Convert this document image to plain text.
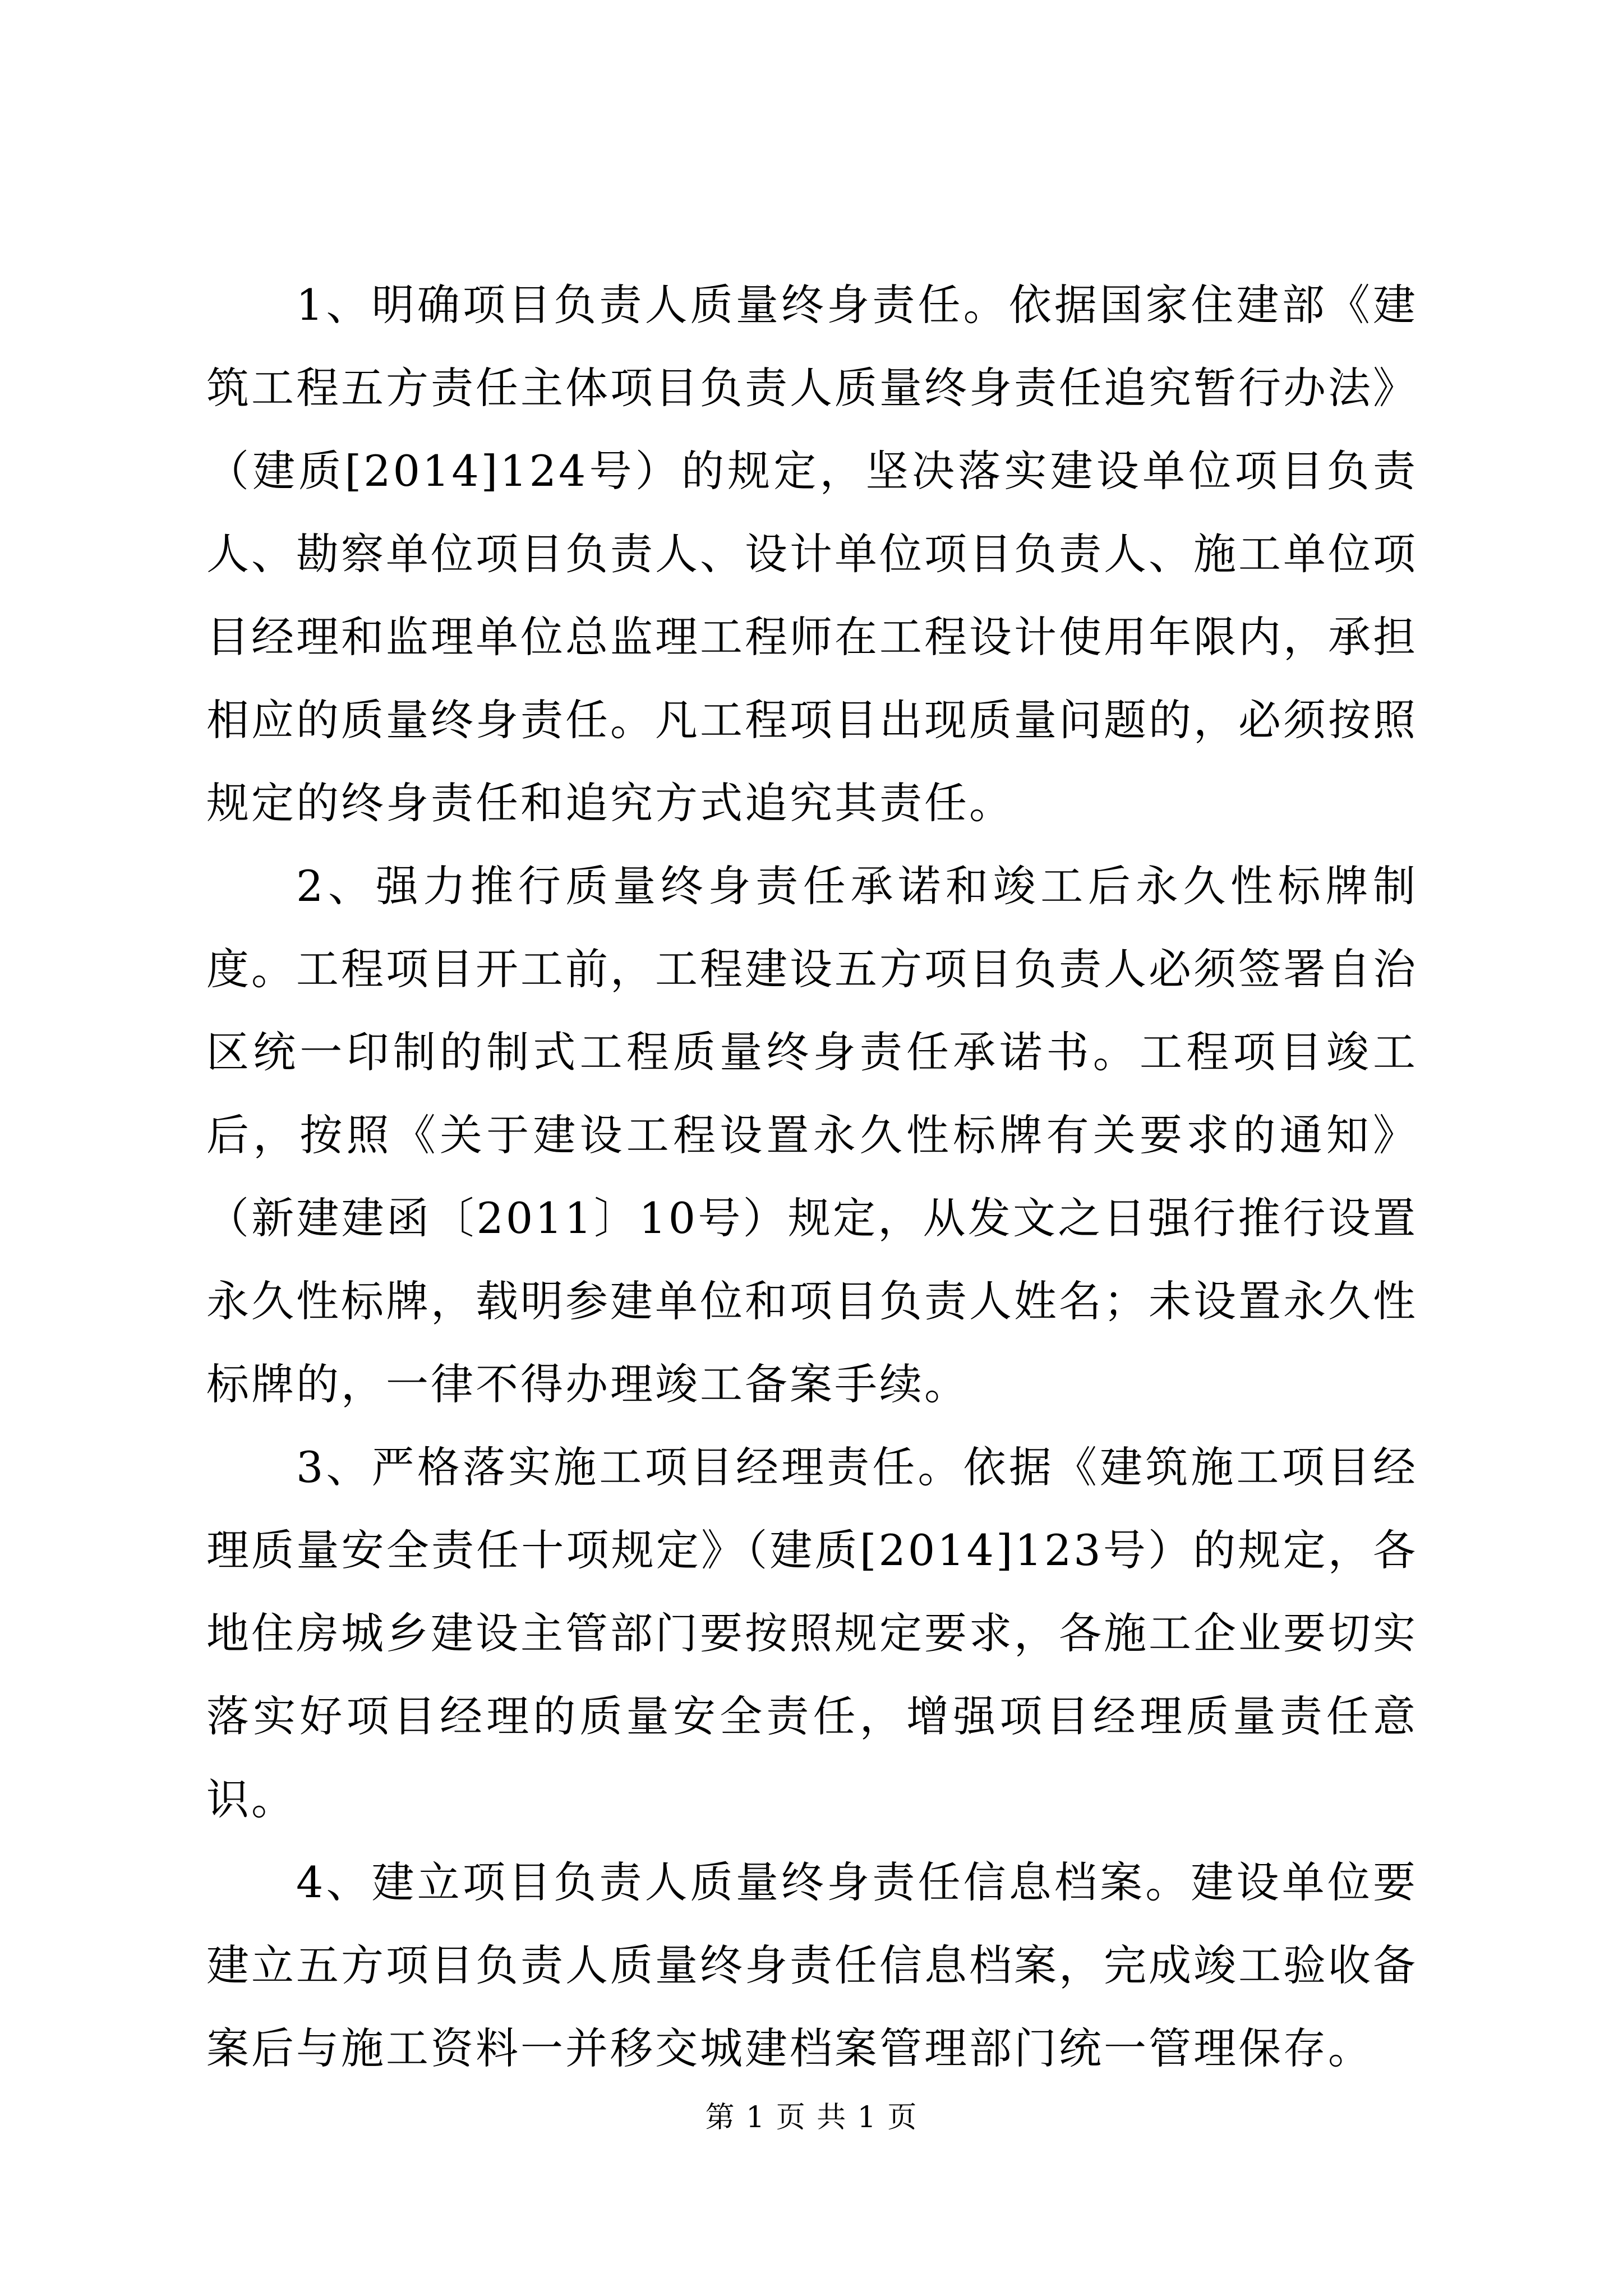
1、明确项目负责人质量终身责任。依据国家住建部《建筑工程五方责任主体项目负责人质量终身责任追究暂行办法》（建质[2014]124号）的规定，坚决落实建设单位项目负责人、勘察单位项目负责人、设计单位项目负责人、施工单位项目经理和监理单位总监理工程师在工程设计使用年限内，承担相应的质量终身责任。凡工程项目出现质量问题的，必须按照规定的终身责任和追究方式追究其责任。

2、强力推行质量终身责任承诺和竣工后永久性标牌制度。工程项目开工前，工程建设五方项目负责人必须签署自治区统一印制的制式工程质量终身责任承诺书。工程项目竣工后，按照《关于建设工程设置永久性标牌有关要求的通知》（新建建函〔2011〕10号）规定，从发文之日强行推行设置永久性标牌，载明参建单位和项目负责人姓名；未设置永久性标牌的，一律不得办理竣工备案手续。

3、严格落实施工项目经理责任。依据《建筑施工项目经理质量安全责任十项规定》（建质[2014]123号）的规定，各地住房城乡建设主管部门要按照规定要求，各施工企业要切实落实好项目经理的质量安全责任，增强项目经理质量责任意识。

4、建立项目负责人质量终身责任信息档案。建设单位要建立五方项目负责人质量终身责任信息档案，完成竣工验收备案后与施工资料一并移交城建档案管理部门统一管理保存。

第 1 页 共 1 页
